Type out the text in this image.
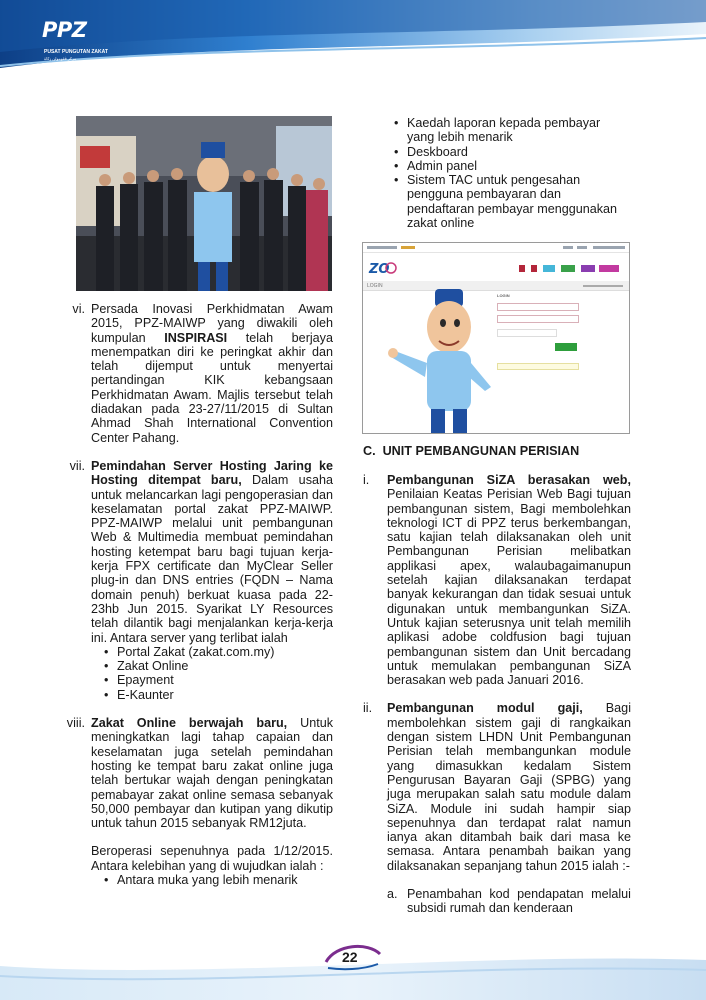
PPZ
PUSAT PUNGUTAN ZAKAT
مركز ڤڠومولن زكاة
vi. Persada Inovasi Perkhidmatan Awam 2015, PPZ-MAIWP yang diwakili oleh kumpulan INSPIRASI telah berjaya menempatkan diri ke peringkat akhir dan telah dijemput untuk menyertai pertandingan KIK kebangsaan Perkhidmatan Awam. Majlis tersebut telah diadakan pada 23-27/11/2015 di Sultan Ahmad Shah International Convention Center Pahang.
vii. Pemindahan Server Hosting Jaring ke Hosting ditempat baru, Dalam usaha untuk melancarkan lagi pengoperasian dan keselamatan portal zakat PPZ-MAIWP. PPZ-MAIWP melalui unit pembangunan Web & Multimedia membuat pemindahan hosting ketempat baru bagi tujuan kerja-kerja FPX certificate dan MyClear Seller plug-in dan DNS entries (FQDN – Nama domain penuh) berkuat kuasa pada 22-23hb Jun 2015. Syarikat LY Resources telah dilantik bagi menjalankan kerja-kerja ini. Antara server yang terlibat ialah
• Portal Zakat (zakat.com.my)
• Zakat Online
• Epayment
• E-Kaunter
viii. Zakat Online berwajah baru, Untuk meningkatkan lagi tahap capaian dan keselamatan juga setelah pemindahan hosting ke tempat baru zakat online juga telah bertukar wajah dengan peningkatan pemabayar zakat online semasa sebanyak 50,000 pembayar dan kutipan yang dikutip untuk tahun 2015 sebanyak RM12juta.
Beroperasi sepenuhnya pada 1/12/2015. Antara kelebihan yang di wujudkan ialah :
• Antara muka yang lebih menarik
• Kaedah laporan kepada pembayar yang lebih menarik
• Deskboard
• Admin panel
• Sistem TAC untuk pengesahan pengguna pembayaran dan pendaftaran pembayar menggunakan zakat online
ZO
LOGIN
LOGIN
C.  UNIT PEMBANGUNAN PERISIAN
i.	Pembangunan SiZA berasakan web, Penilaian Keatas Perisian Web Bagi tujuan pembangunan sistem, Bagi membolehkan teknologi ICT di PPZ terus berkembangan, satu kajian telah dilaksanakan oleh unit Pembangunan Perisian melibatkan applikasi apex, walaubagaimanupun setelah kajian dilaksanakan terdapat banyak kekurangan dan tidak sesuai untuk digunakan untuk membangunkan SiZA. Untuk kajian seterusnya unit telah memilih aplikasi adobe coldfusion bagi tujuan pembangunan sistem dan Unit bercadang untuk memulakan pembangunan SiZA berasakan web pada Januari 2016.
ii.	Pembangunan modul gaji, Bagi membolehkan sistem gaji di rangkaikan dengan sistem LHDN Unit Pembangunan Perisian telah membangunkan module yang dimasukkan kedalam Sistem Pengurusan Bayaran Gaji (SPBG) yang juga merupakan salah satu module dalam SiZA. Module ini sudah hampir siap sepenuhnya dan terdapat ralat namun ianya akan ditambah baik dari masa ke semasa. Antara penambah baikan yang dilaksanakan sepanjang tahun 2015 ialah :-
a. Penambahan kod pendapatan melalui subsidi rumah dan kenderaan
22
